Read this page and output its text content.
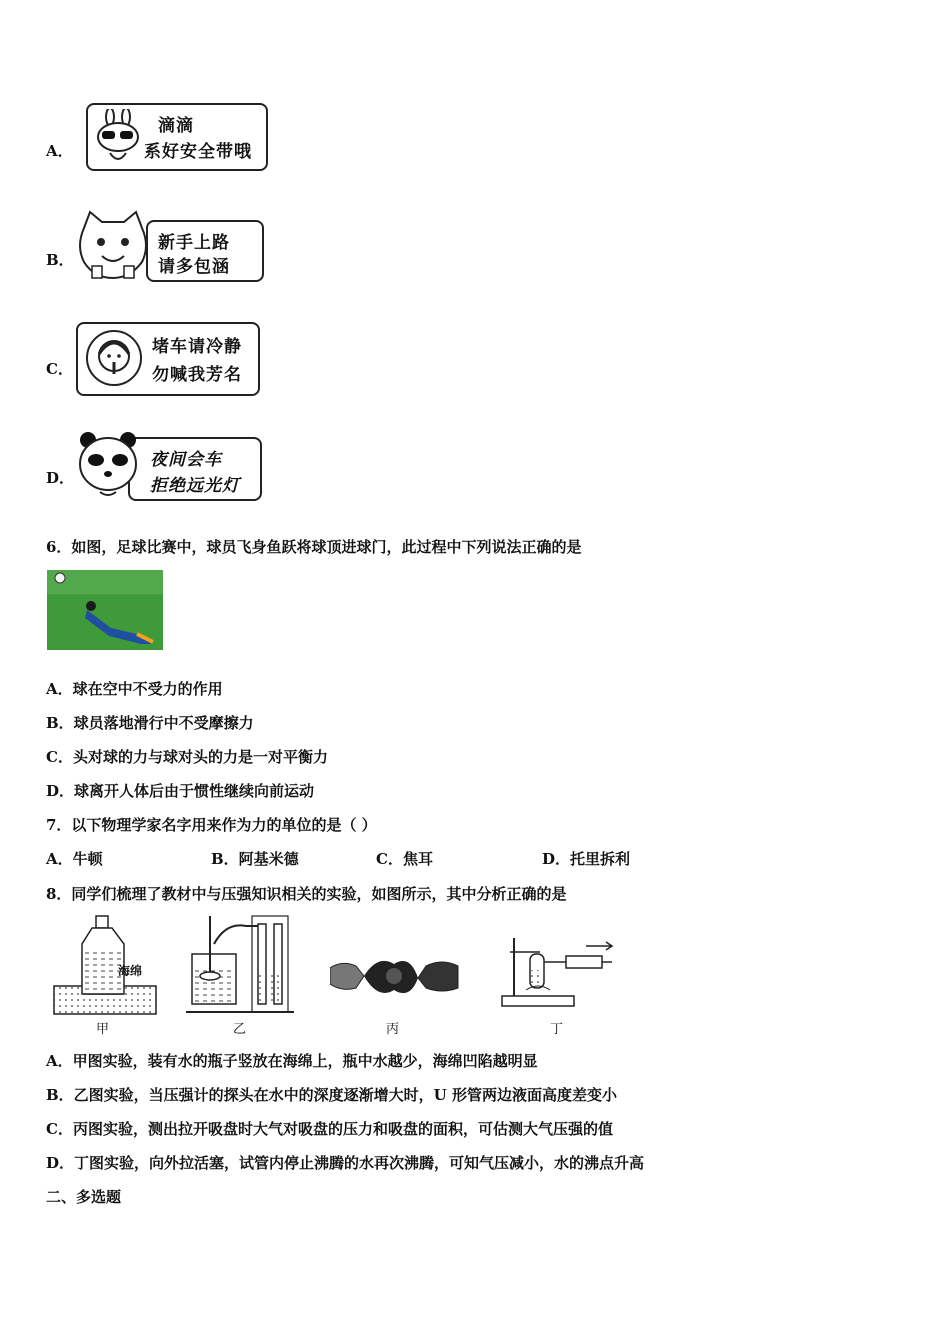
A．
滴滴
系好安全带哦
B．
新手上路
请多包涵
C．
堵车请冷静
勿喊我芳名
D．
夜间会车
拒绝远光灯
6．如图，足球比赛中，球员飞身鱼跃将球顶进球门，此过程中下列说法正确的是
A．球在空中不受力的作用
B．球员落地滑行中不受摩擦力
C．头对球的力与球对头的力是一对平衡力
D．球离开人体后由于惯性继续向前运动
7．以下物理学家名字用来作为力的单位的是（ ）
A．牛顿	B．阿基米德	C．焦耳	D．托里拆利
8．同学们梳理了教材中与压强知识相关的实验，如图所示，其中分析正确的是
海绵
甲	乙	丙	丁
A．甲图实验，装有水的瓶子竖放在海绵上，瓶中水越少，海绵凹陷越明显
B．乙图实验，当压强计的探头在水中的深度逐渐增大时，U 形管两边液面高度差变小
C．丙图实验，测出拉开吸盘时大气对吸盘的压力和吸盘的面积，可估测大气压强的值
D．丁图实验，向外拉活塞，试管内停止沸腾的水再次沸腾，可知气压减小，水的沸点升高
二、多选题
